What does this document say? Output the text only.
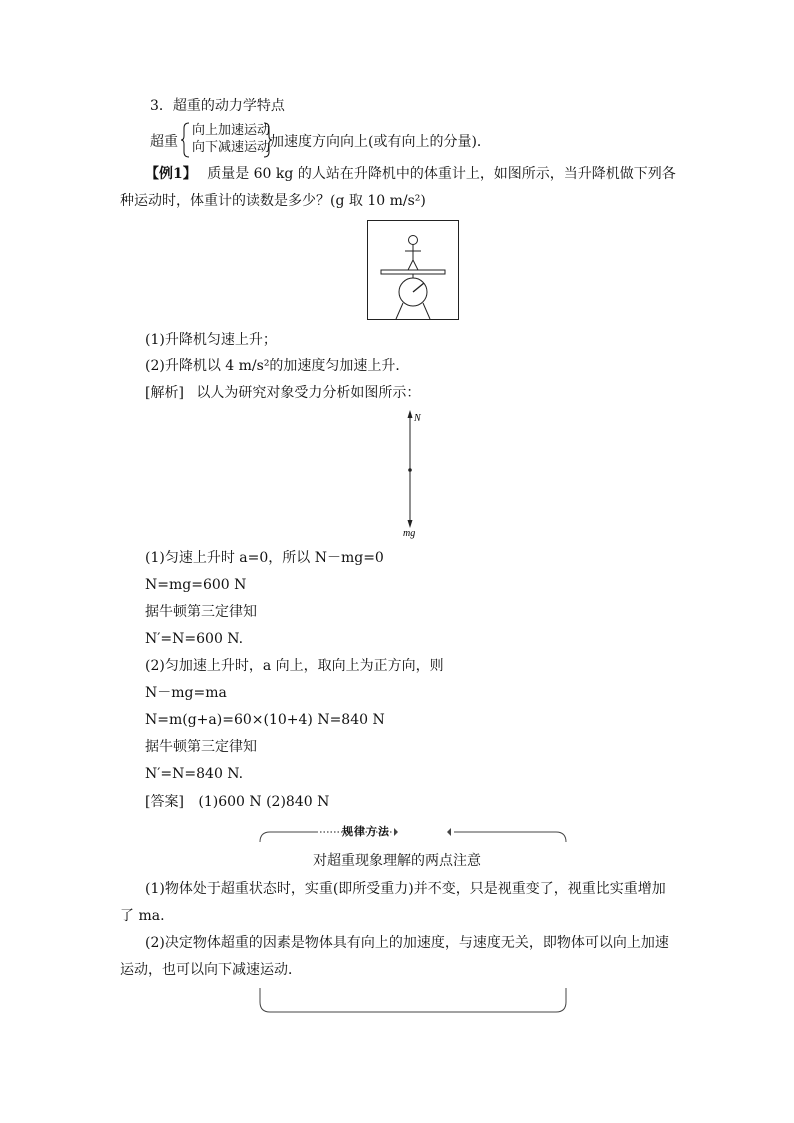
3．超重的动力学特点
超重
向上加速运动
向下减速运动 加速度方向向上(或有向上的分量)．
【例1】 质量是 60 kg 的人站在升降机中的体重计上，如图所示，当升降机做下列各
种运动时，体重计的读数是多少？(g 取 10 m/s²)
(1)升降机匀速上升；
(2)升降机以 4 m/s²的加速度匀加速上升．
[解析] 以人为研究对象受力分析如图所示：
N
mg
(1)匀速上升时 a=0，所以 N－mg=0
N=mg=600 N
据牛顿第三定律知
N′=N=600 N.
(2)匀加速上升时，a 向上，取向上为正方向，则
N－mg=ma
N=m(g+a)=60×(10+4) N=840 N
据牛顿第三定律知
N′=N=840 N.
[答案] (1)600 N (2)840 N
规律方法
对超重现象理解的两点注意
(1)物体处于超重状态时，实重(即所受重力)并不变，只是视重变了，视重比实重增加
了 ma.
(2)决定物体超重的因素是物体具有向上的加速度，与速度无关，即物体可以向上加速
运动，也可以向下减速运动．
